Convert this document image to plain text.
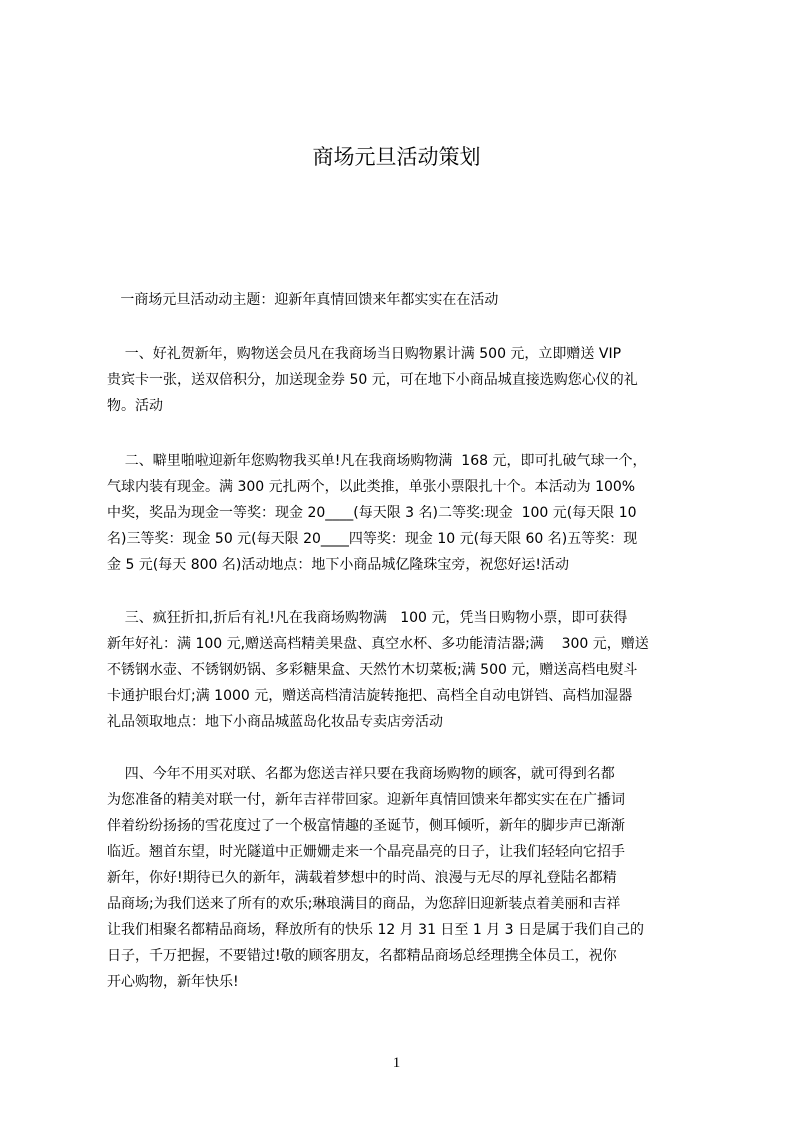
商场元旦活动策划
一商场元旦活动动主题：迎新年真情回馈来年都实实在在活动
一、好礼贺新年，购物送会员凡在我商场当日购物累计满 500 元，立即赠送 VIP
贵宾卡一张，送双倍积分，加送现金券 50 元，可在地下小商品城直接选购您心仪的礼
物。活动
二、噼里啪啦迎新年您购物我买单!凡在我商场购物满  168 元，即可扎破气球一个，
气球内装有现金。满 300 元扎两个，以此类推，单张小票限扎十个。本活动为 100%
中奖，奖品为现金一等奖：现金 20____(每天限 3 名)二等奖:现金  100 元(每天限 10
名)三等奖：现金 50 元(每天限 20____四等奖：现金 10 元(每天限 60 名)五等奖：现
金 5 元(每天 800 名)活动地点：地下小商品城亿隆珠宝旁，祝您好运!活动
三、疯狂折扣,折后有礼!凡在我商场购物满   100 元，凭当日购物小票，即可获得
新年好礼：满 100 元,赠送高档精美果盘、真空水杯、多功能清洁器;满    300 元，赠送
不锈钢水壶、不锈钢奶锅、多彩糖果盒、天然竹木切菜板;满 500 元，赠送高档电熨斗
卡通护眼台灯;满 1000 元，赠送高档清洁旋转拖把、高档全自动电饼铛、高档加湿器
礼品领取地点：地下小商品城蓝岛化妆品专卖店旁活动
四、今年不用买对联、名都为您送吉祥只要在我商场购物的顾客，就可得到名都
为您准备的精美对联一付，新年吉祥带回家。迎新年真情回馈来年都实实在在广播词
伴着纷纷扬扬的雪花度过了一个极富情趣的圣诞节，侧耳倾听，新年的脚步声已渐渐
临近。翘首东望，时光隧道中正姗姗走来一个晶亮晶亮的日子，让我们轻轻向它招手
新年，你好!期待已久的新年，满载着梦想中的时尚、浪漫与无尽的厚礼登陆名都精
品商场;为我们送来了所有的欢乐;琳琅满目的商品，为您辞旧迎新装点着美丽和吉祥
让我们相聚名都精品商场，释放所有的快乐 12 月 31 日至 1 月 3 日是属于我们自己的
日子，千万把握，不要错过!敬的顾客朋友，名都精品商场总经理携全体员工，祝你
开心购物，新年快乐!
1
